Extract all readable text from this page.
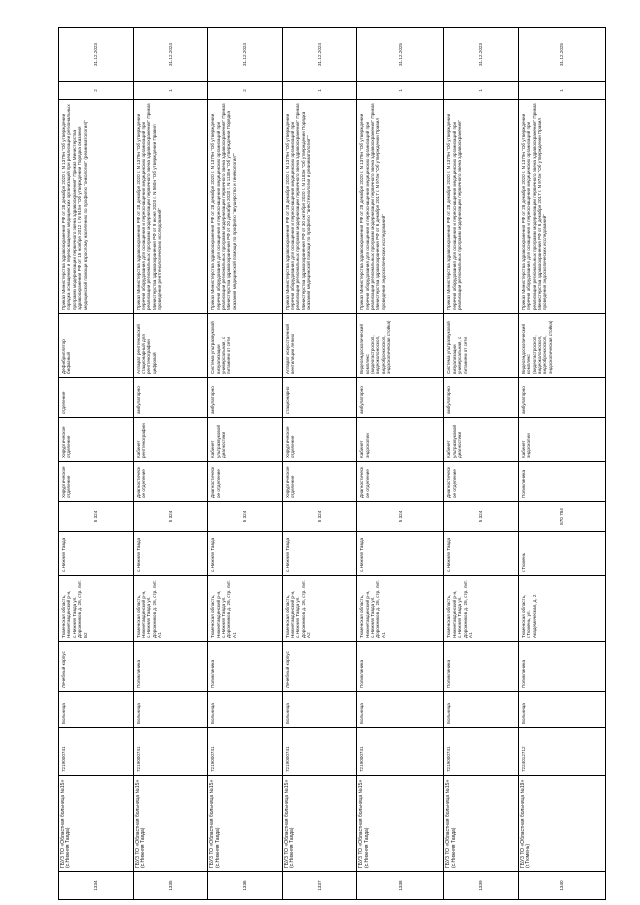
1334	ГБУЗ ТО «Областная больница №15» (с.Нижняя Тавда)	7219000741	Больница	Лечебный корпус	Тюменская область, Нижнетавдинский р-н, с.Нижняя Тавда ул. Дорожников д. 26, стр. лит. Б2	с.Нижняя Тавда	5 324	Хирургическое отделение	Хирургическое отделение	отделение	Дефибриллятор бифазный	Приказ Министерства здравоохранения РФ от 28 декабря 2020 г. N 1379н "Об утверждении порядка оснащения и переоснащения медицинских организаций при реализации региональных программ модернизации первичного звена здравоохранения" Приказ Министерства здравоохранения РФ от 15 ноября 2012 г. N 915н "Об утверждении Порядка оказания медицинской помощи взрослому населению по профилю "онкология" (реаниматология)"	2	31.12.2023
1335	ГБУЗ ТО «Областная больница №15» (с.Нижняя Тавда)	7219000741	Больница	Поликлиника	Тюменская область, Нижнетавдинский р-н, с.Нижняя Тавда ул. Дорожников д. 26, стр. лит. А1	с.Нижняя Тавда	5 324	Диагностическое отделение	Кабинет рентгенографии	амбулаторно	Аппарат рентгеновский стационарный для рентгенографии цифровой	Приказ Министерства здравоохранения РФ от 28 декабря 2020 г. N 1379н "Об утверждении перечня оборудования для оснащения и переоснащения медицинских организаций при реализации региональных программ модернизации первичного звена здравоохранения" Приказ Министерства здравоохранения РФ от 9 июня 2020 г. N 560н "Об утверждении Правил проведения рентгенологических исследований"	1	31.12.2024
1336	ГБУЗ ТО «Областная больница №15» (с.Нижняя Тавда)	7219000741	Больница	Поликлиника	Тюменская область, Нижнетавдинский р-н, с.Нижняя Тавда ул. Дорожников д. 26, стр. лит. А1	с.Нижняя Тавда	5 324	Диагностическое отделение	Кабинет ультразвуковой диагностики	амбулаторно	Система ультразвуковой визуализации универсальная, с питанием от сети	Приказ Министерства здравоохранения РФ от 28 декабря 2020 г. N 1379н "Об утверждении перечня оборудования для оснащения и переоснащения медицинских организаций при реализации региональных программ модернизации первичного звена здравоохранения" Приказ Министерства здравоохранения РФ от 20 декабря 2020 г. N 1135н "Об утверждении Порядка оказания медицинской помощи по профилю "акушерство и гинекология""	2	31.12.2024
1337	ГБУЗ ТО «Областная больница №15» (с.Нижняя Тавда)	7219000741	Больница	Лечебный корпус	Тюменская область, Нижнетавдинский р-н, с.Нижняя Тавда ул. Дорожников д. 26, стр. лит. А2	с.Нижняя Тавда	5 324	Хирургическое отделение	Хирургическое отделение	стационарно	Аппарат искусственной вентиляции легких	Приказ Министерства здравоохранения РФ от 28 декабря 2020 г. N 1379н "Об утверждении перечня оборудования для оснащения и переоснащения медицинских организаций при реализации региональных программ модернизации первичного звена здравоохранения" Приказ Министерства здравоохранения РФ от 30 октября 2020 г. N 1183н "Об утверждении Порядка оказания медицинской помощи по профилю "анестезиология и реаниматология""	1	31.12.2024
1338	ГБУЗ ТО «Областная больница №15» (с.Нижняя Тавда)	7219000741	Больница	Поликлиника	Тюменская область, Нижнетавдинский р-н, с.Нижняя Тавда ул. Дорожников д. 26, стр. лит. А1	с.Нижняя Тавда	5 324	Диагностическое отделение	Кабинет эндоскопии	амбулаторно	Видеоэндоскопический комплекс (видеогастроскоп, видеоколоноскоп, видеобронхоскоп, эндоскопическая стойка)	Приказ Министерства здравоохранения РФ от 28 декабря 2020 г. N 1379н "Об утверждении перечня оборудования для оснащения и переоснащения медицинских организаций при реализации региональных программ модернизации первичного звена здравоохранения" Приказ Министерства здравоохранения РФ от 6 декабря 2017 г. N 974н "Об утверждении Правил проведения эндоскопических исследований"	1	31.12.2025
1339	ГБУЗ ТО «Областная больница №15» (с.Нижняя Тавда)	7219000741	Больница	Поликлиника	Тюменская область, Нижнетавдинский р-н, с.Нижняя Тавда ул. Дорожников д. 26, стр. лит. А1	с.Нижняя Тавда	5 324	Диагностическое отделение	Кабинет ультразвуковой диагностики	амбулаторно	Система ультразвуковой визуализации универсальная, с питанием от сети	Приказ Министерства здравоохранения РФ от 28 декабря 2020 г. N 1379н "Об утверждении перечня оборудования для оснащения и переоснащения медицинских организаций при реализации региональных программ модернизации первичного звена здравоохранения"	1	31.12.2023
1340	ГБУЗ ТО «Областная больница №19» (г.Тюмень)	7224012712	Больница	Поликлиника	Тюменская область, г.Тюмень, ул. Академическая, д. 2	г.Тюмень	870 784	Поликлиника	Кабинет эндоскопии	амбулаторно	Видеоэндоскопический комплекс (видеогастроскоп, видеоколоноскоп, видеобронхоскоп, эндоскопическая стойка)	Приказ Министерства здравоохранения РФ от 28 декабря 2020 г. N 1379н "Об утверждении перечня оборудования для оснащения и переоснащения медицинских организаций при реализации региональных программ модернизации первичного звена здравоохранения" Приказ Министерства здравоохранения РФ от 6 декабря 2017 г. N 974н "Об утверждении Правил проведения эндоскопических исследований"	1	31.12.2025
